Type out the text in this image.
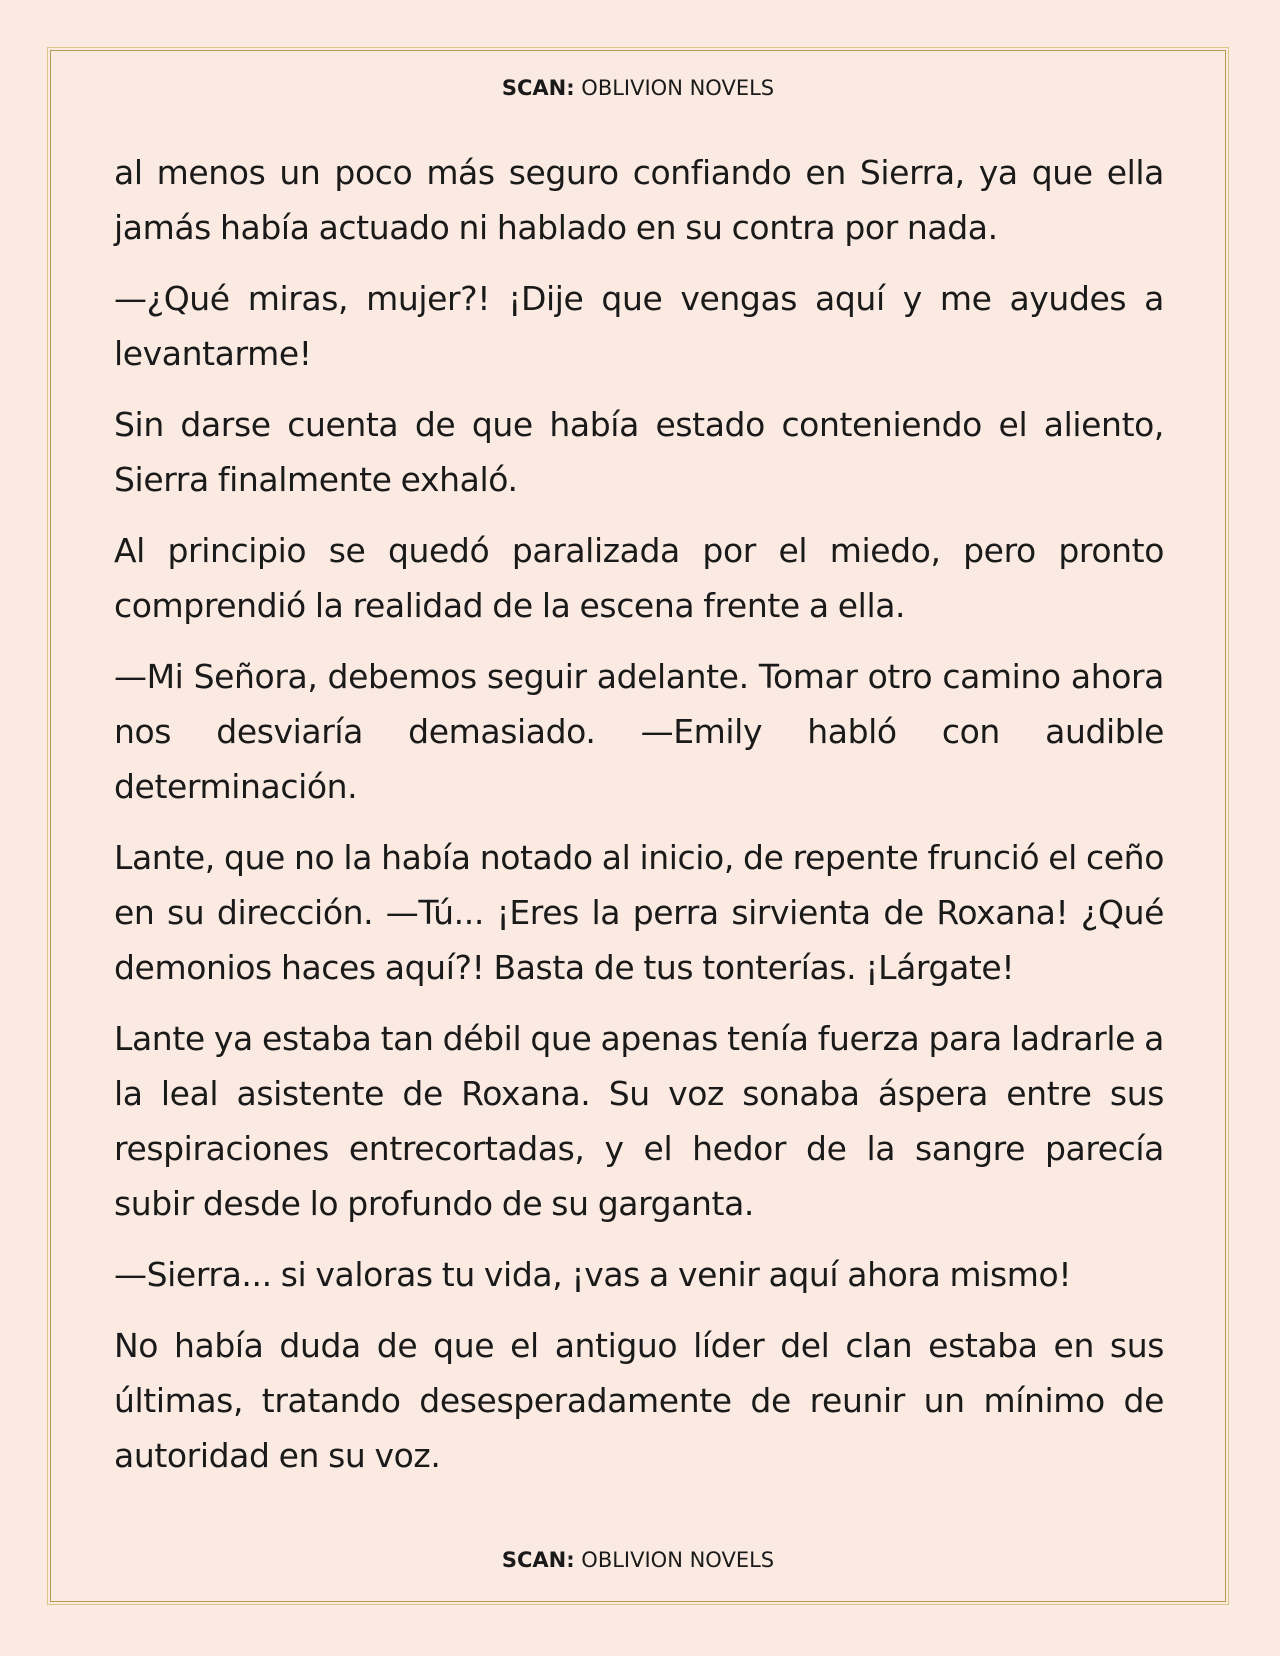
SCAN: OBLIVION NOVELS

al menos un poco más seguro confiando en Sierra, ya que ella jamás había actuado ni hablado en su contra por nada.

—¿Qué miras, mujer?! ¡Dije que vengas aquí y me ayudes a levantarme!

Sin darse cuenta de que había estado conteniendo el aliento, Sierra finalmente exhaló.

Al principio se quedó paralizada por el miedo, pero pronto comprendió la realidad de la escena frente a ella.

—Mi Señora, debemos seguir adelante. Tomar otro camino ahora nos desviaría demasiado. —Emily habló con audible determinación.

Lante, que no la había notado al inicio, de repente frunció el ceño en su dirección. —Tú... ¡Eres la perra sirvienta de Roxana! ¿Qué demonios haces aquí?! Basta de tus tonterías. ¡Lárgate!

Lante ya estaba tan débil que apenas tenía fuerza para ladrarle a la leal asistente de Roxana. Su voz sonaba áspera entre sus respiraciones entrecortadas, y el hedor de la sangre parecía subir desde lo profundo de su garganta.

—Sierra... si valoras tu vida, ¡vas a venir aquí ahora mismo!

No había duda de que el antiguo líder del clan estaba en sus últimas, tratando desesperadamente de reunir un mínimo de autoridad en su voz.

SCAN: OBLIVION NOVELS
